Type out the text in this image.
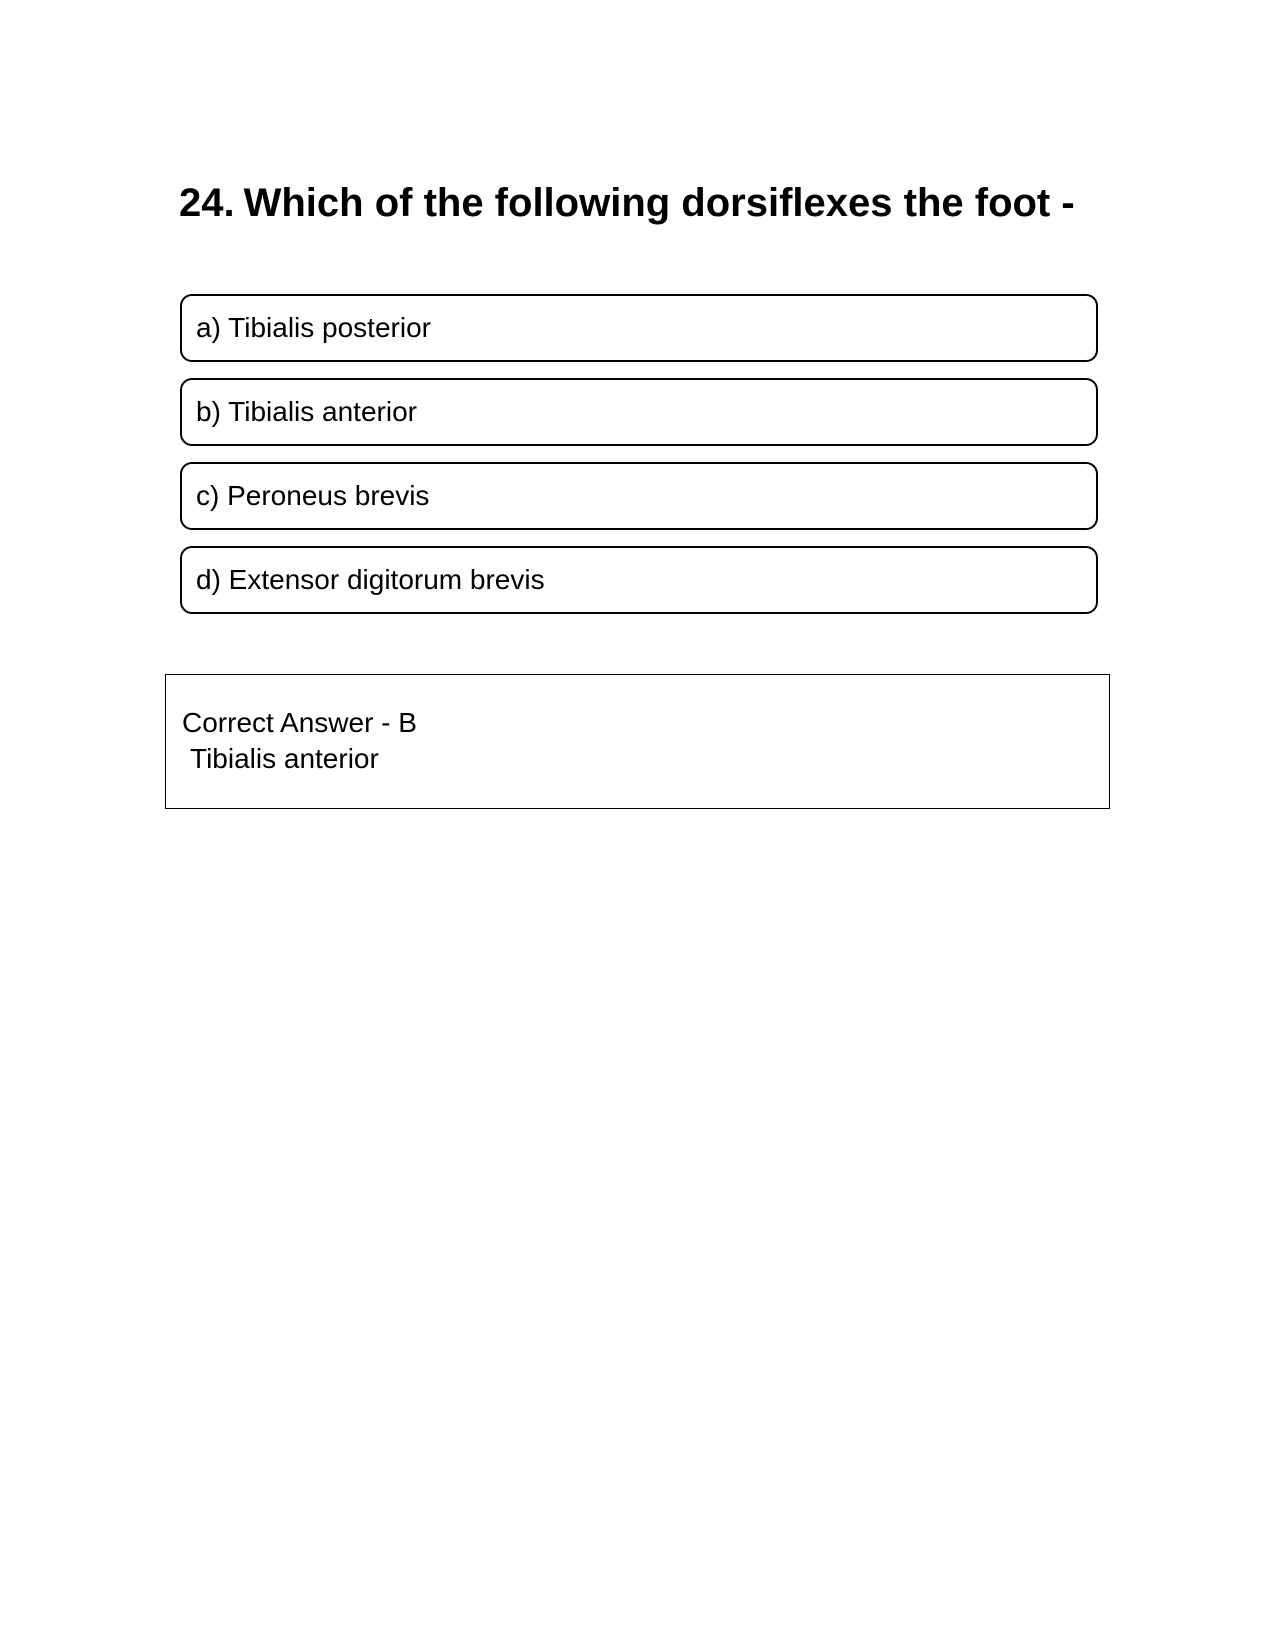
24. Which of the following dorsiflexes the foot -
a) Tibialis posterior
b) Tibialis anterior
c) Peroneus brevis
d) Extensor digitorum brevis
Correct Answer - B
Tibialis anterior
